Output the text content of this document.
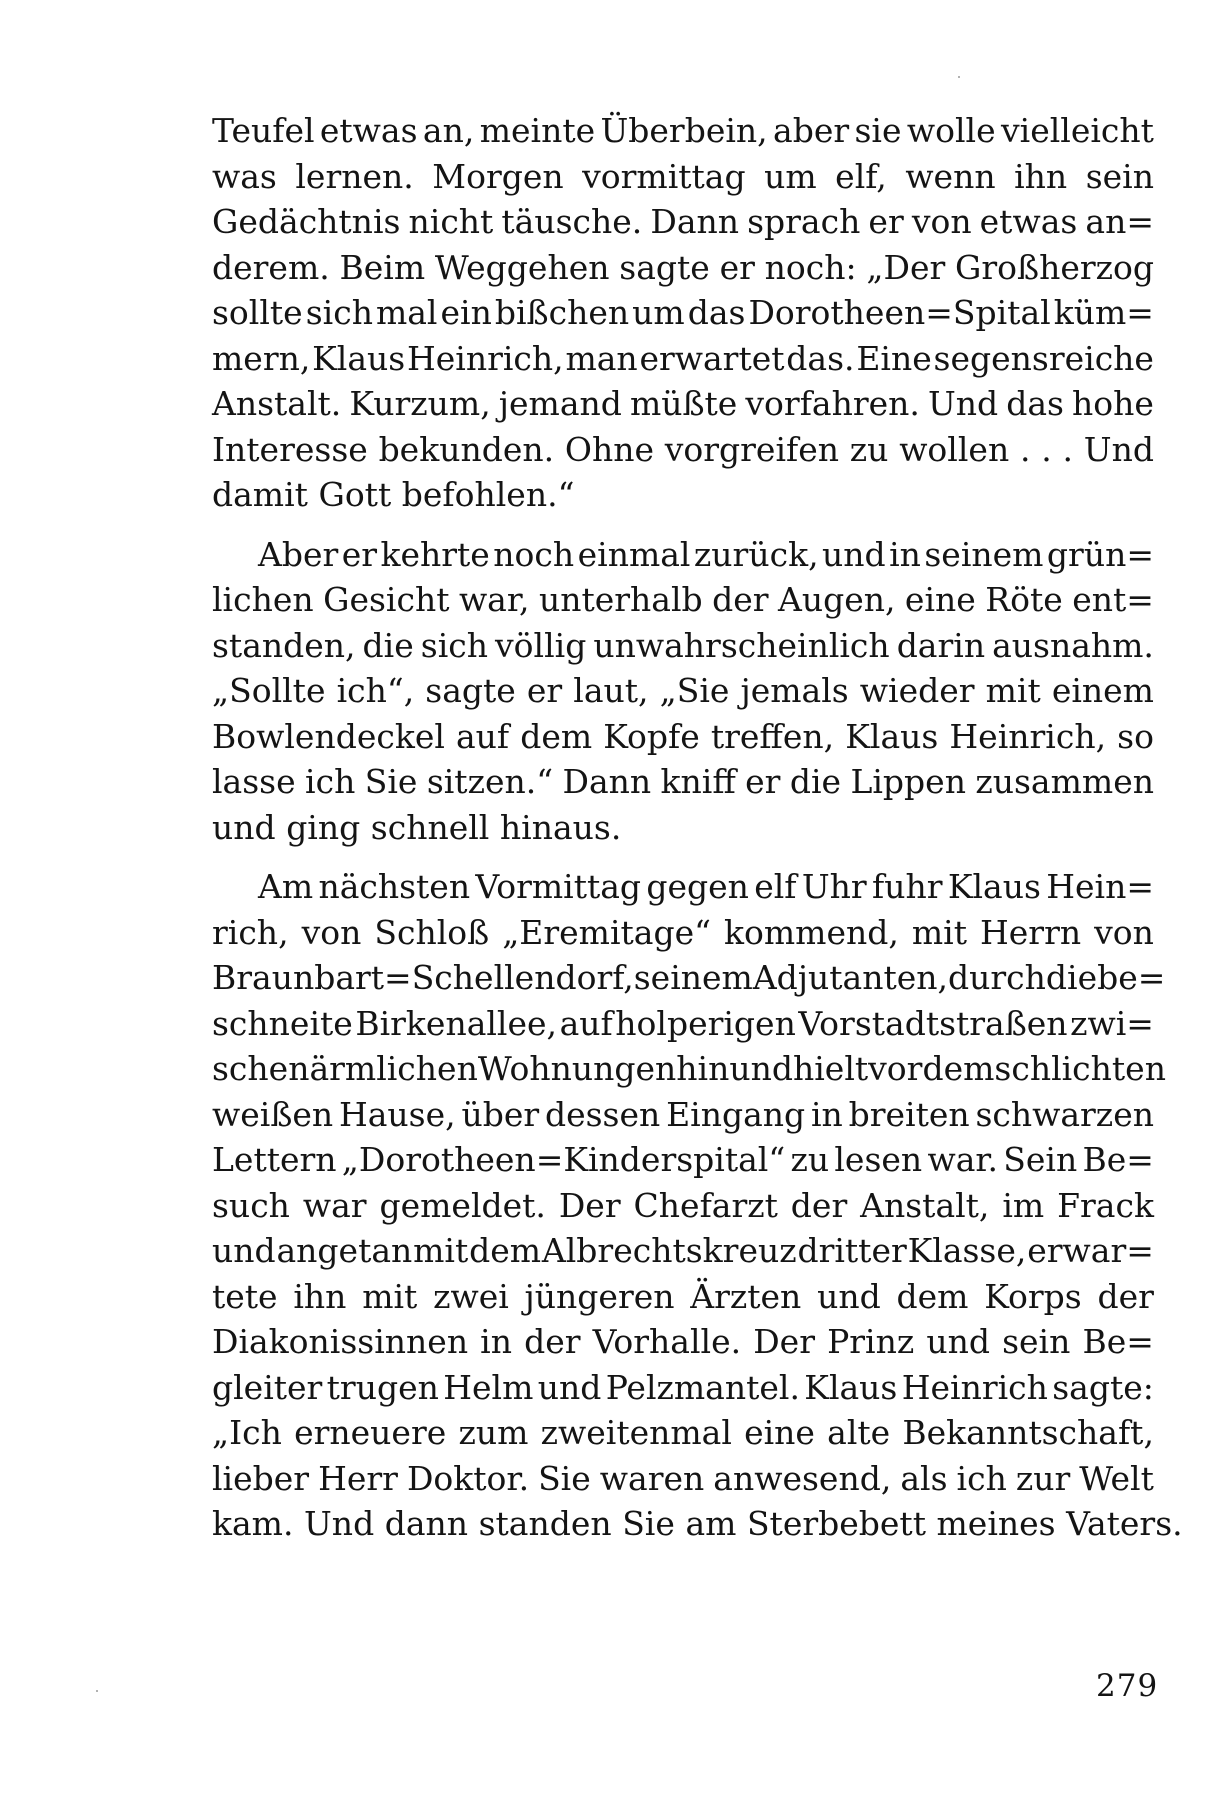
Teufel etwas an, meinte Überbein, aber sie wolle vielleicht
was lernen. Morgen vormittag um elf, wenn ihn sein
Gedächtnis nicht täusche. Dann sprach er von etwas an=
derem. Beim Weggehen sagte er noch: „Der Großherzog
sollte sich mal ein bißchen um das Dorotheen=Spital küm=
mern, Klaus Heinrich, man erwartet das. Eine segensreiche
Anstalt. Kurzum, jemand müßte vorfahren. Und das hohe
Interesse bekunden. Ohne vorgreifen zu wollen . . . Und
damit Gott befohlen.“
Aber er kehrte noch einmal zurück, und in seinem grün=
lichen Gesicht war, unterhalb der Augen, eine Röte ent=
standen, die sich völlig unwahrscheinlich darin ausnahm.
„Sollte ich“, sagte er laut, „Sie jemals wieder mit einem
Bowlendeckel auf dem Kopfe treffen, Klaus Heinrich, so
lasse ich Sie sitzen.“ Dann kniff er die Lippen zusammen
und ging schnell hinaus.
Am nächsten Vormittag gegen elf Uhr fuhr Klaus Hein=
rich, von Schloß „Eremitage“ kommend, mit Herrn von
Braunbart=Schellendorf, seinem Adjutanten, durch die be=
schneite Birkenallee, auf holperigen Vorstadtstraßen zwi=
schen ärmlichen Wohnungen hin und hielt vor dem schlichten
weißen Hause, über dessen Eingang in breiten schwarzen
Lettern „Dorotheen=Kinderspital“ zu lesen war. Sein Be=
such war gemeldet. Der Chefarzt der Anstalt, im Frack
und angetan mit dem Albrechtskreuz dritter Klasse, erwar=
tete ihn mit zwei jüngeren Ärzten und dem Korps der
Diakonissinnen in der Vorhalle. Der Prinz und sein Be=
gleiter trugen Helm und Pelzmantel. Klaus Heinrich sagte:
„Ich erneuere zum zweitenmal eine alte Bekanntschaft,
lieber Herr Doktor. Sie waren anwesend, als ich zur Welt
kam. Und dann standen Sie am Sterbebett meines Vaters.
279
